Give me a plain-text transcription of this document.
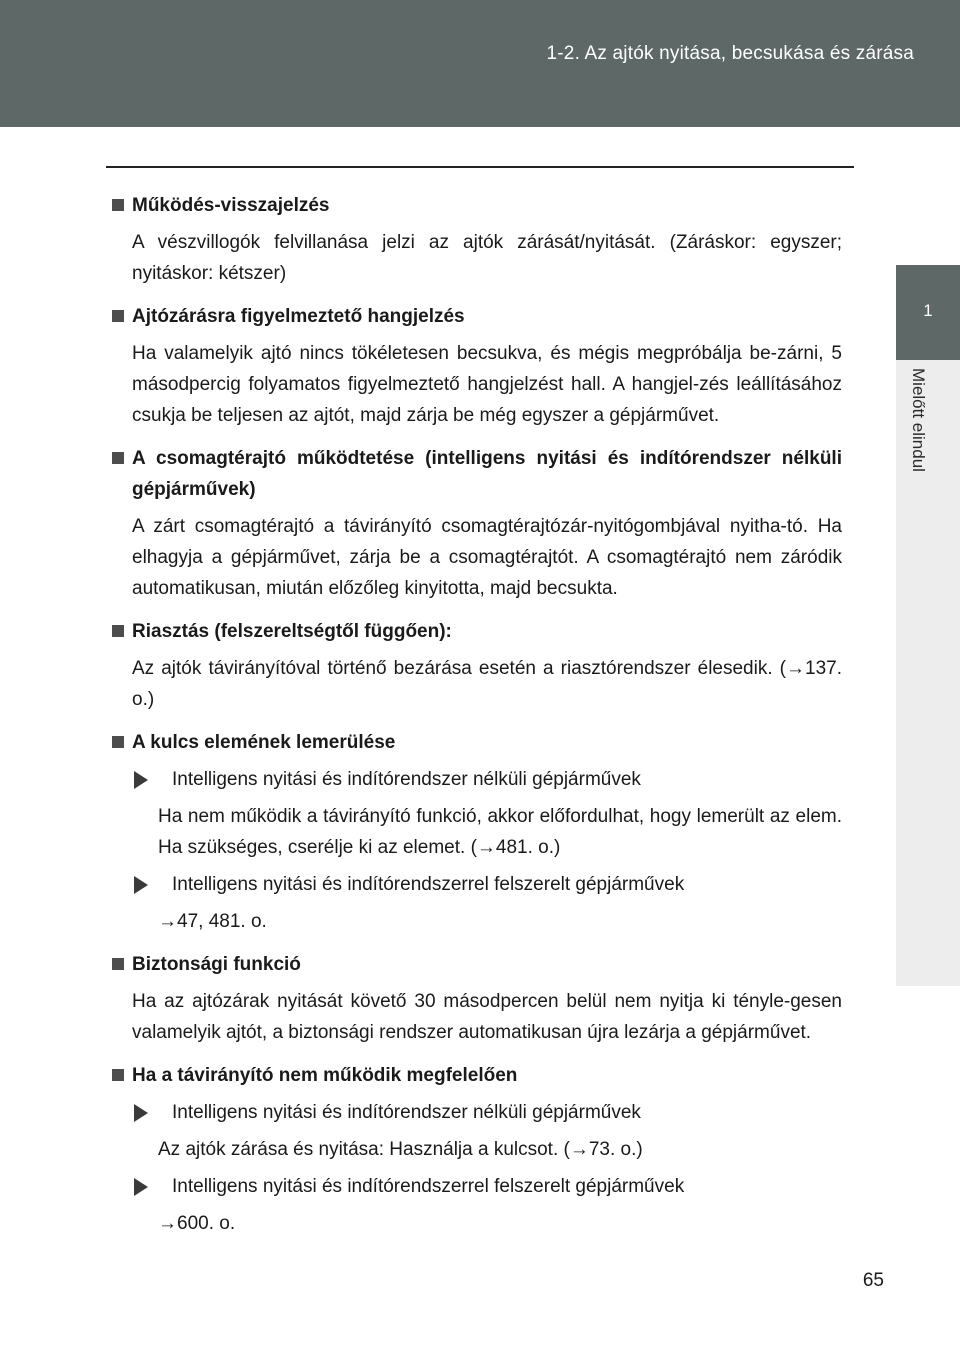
1-2. Az ajtók nyitása, becsukása és zárása
1
Mielőtt elindul
Működés-visszajelzés
A vészvillogók felvillanása jelzi az ajtók zárását/nyitását. (Záráskor: egyszer; nyitáskor: kétszer)
Ajtózárásra figyelmeztető hangjelzés
Ha valamelyik ajtó nincs tökéletesen becsukva, és mégis megpróbálja be-zárni, 5 másodpercig folyamatos figyelmeztető hangjelzést hall. A hangjel-zés leállításához csukja be teljesen az ajtót, majd zárja be még egyszer a gépjárművet.
A csomagtérajtó működtetése (intelligens nyitási és indítórendszer nélküli gépjárművek)
A zárt csomagtérajtó a távirányító csomagtérajtózár-nyitógombjával nyitha-tó. Ha elhagyja a gépjárművet, zárja be a csomagtérajtót. A csomagtérajtó nem záródik automatikusan, miután előzőleg kinyitotta, majd becsukta.
Riasztás (felszereltségtől függően):
Az ajtók távirányítóval történő bezárása esetén a riasztórendszer élesedik. (→137. o.)
A kulcs elemének lemerülése
Intelligens nyitási és indítórendszer nélküli gépjárművek
Ha nem működik a távirányító funkció, akkor előfordulhat, hogy lemerült az elem. Ha szükséges, cserélje ki az elemet. (→481. o.)
Intelligens nyitási és indítórendszerrel felszerelt gépjárművek
→47, 481. o.
Biztonsági funkció
Ha az ajtózárak nyitását követő 30 másodpercen belül nem nyitja ki tényle-gesen valamelyik ajtót, a biztonsági rendszer automatikusan újra lezárja a gépjárművet.
Ha a távirányító nem működik megfelelően
Intelligens nyitási és indítórendszer nélküli gépjárművek
Az ajtók zárása és nyitása: Használja a kulcsot. (→73. o.)
Intelligens nyitási és indítórendszerrel felszerelt gépjárművek
→600. o.
65
